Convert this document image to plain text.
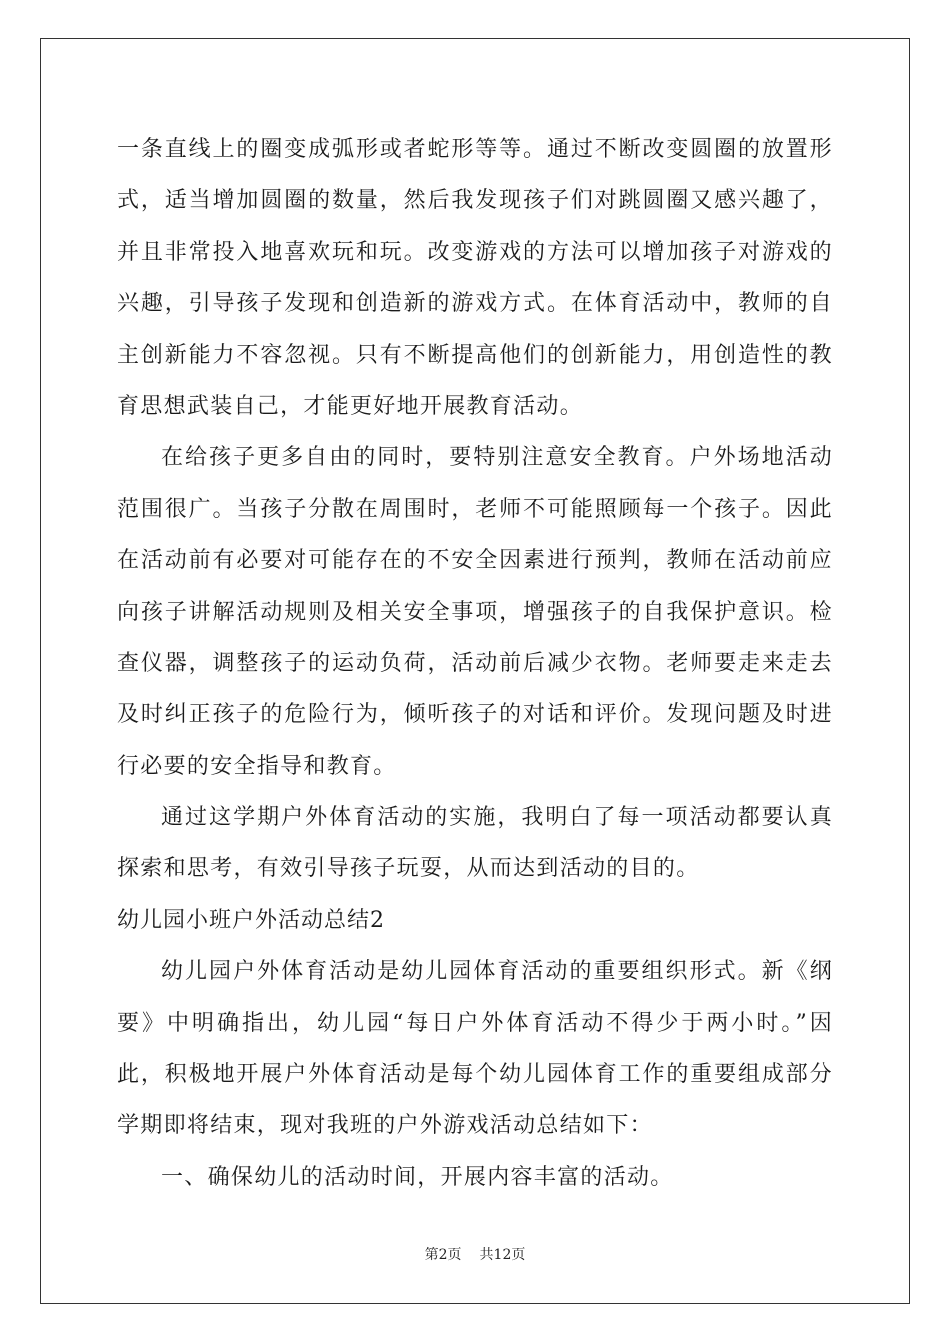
一条直线上的圈变成弧形或者蛇形等等。通过不断改变圆圈的放置形
式，适当增加圆圈的数量，然后我发现孩子们对跳圆圈又感兴趣了，
并且非常投入地喜欢玩和玩。改变游戏的方法可以增加孩子对游戏的
兴趣，引导孩子发现和创造新的游戏方式。在体育活动中，教师的自
主创新能力不容忽视。只有不断提高他们的创新能力，用创造性的教
育思想武装自己，才能更好地开展教育活动。
在给孩子更多自由的同时，要特别注意安全教育。户外场地活动
范围很广。当孩子分散在周围时，老师不可能照顾每一个孩子。因此
在活动前有必要对可能存在的不安全因素进行预判，教师在活动前应
向孩子讲解活动规则及相关安全事项，增强孩子的自我保护意识。检
查仪器，调整孩子的运动负荷，活动前后减少衣物。老师要走来走去
及时纠正孩子的危险行为，倾听孩子的对话和评价。发现问题及时进
行必要的安全指导和教育。
通过这学期户外体育活动的实施，我明白了每一项活动都要认真
探索和思考，有效引导孩子玩耍，从而达到活动的目的。
幼儿园小班户外活动总结2
幼儿园户外体育活动是幼儿园体育活动的重要组织形式。新《纲
要》中明确指出，幼儿园“每日户外体育活动不得少于两小时。”因
此，积极地开展户外体育活动是每个幼儿园体育工作的重要组成部分
学期即将结束，现对我班的户外游戏活动总结如下：
一、确保幼儿的活动时间，开展内容丰富的活动。
第2页 共12页
